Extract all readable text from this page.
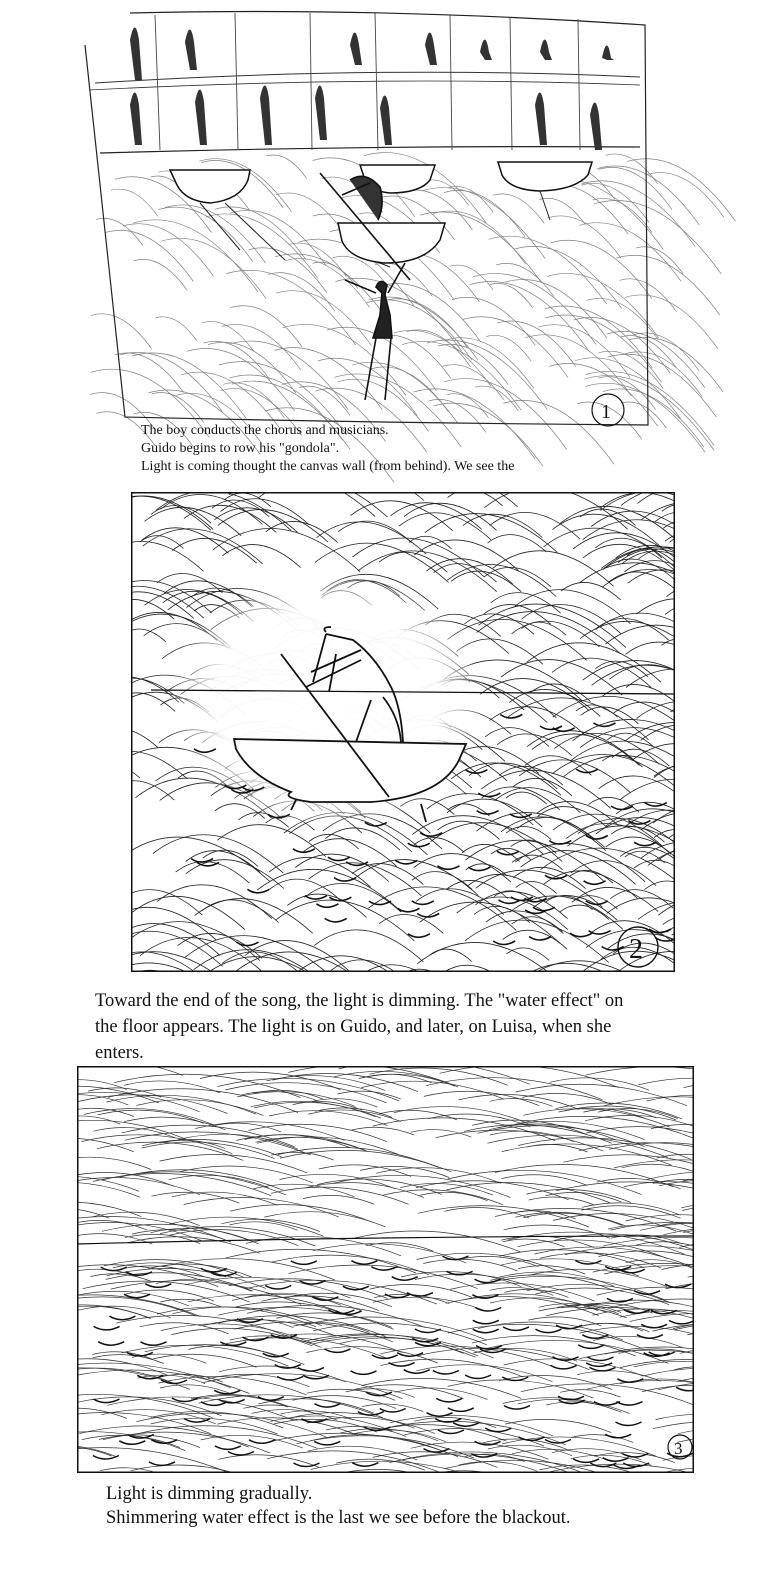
1
The boy conducts the chorus and musicians.
Guido begins to row his "gondola".
Light is coming thought the canvas wall (from behind). We see the
2
Toward the end of the song, the light is dimming. The "water effect" on
the floor appears. The light is on Guido, and later, on Luisa, when she
enters.
3
Light is dimming gradually.
Shimmering water effect is the last we see before the blackout.
